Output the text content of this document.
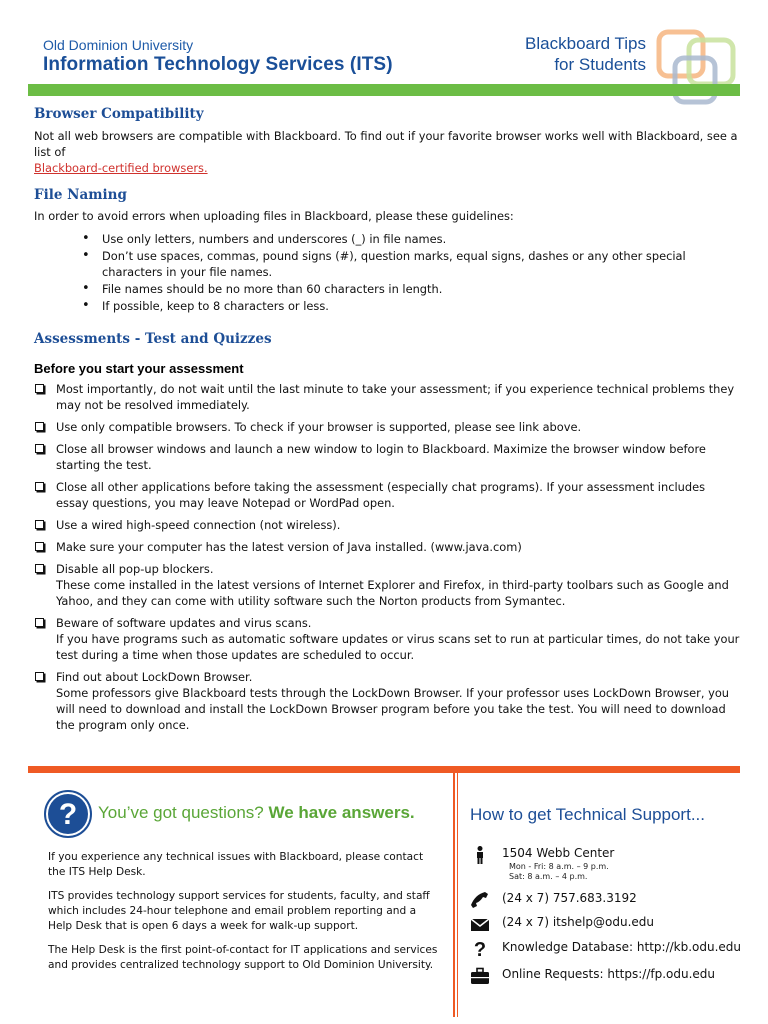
Old Dominion University
Information Technology Services (ITS)
Blackboard Tips
for Students
Browser Compatibility

Not all web browsers are compatible with Blackboard. To find out if your favorite browser works well with Blackboard, see a list of
Blackboard-certified browsers.

File Naming

In order to avoid errors when uploading files in Blackboard, please these guidelines:

• Use only letters, numbers and underscores (_) in file names.
• Don’t use spaces, commas, pound signs (#), question marks, equal signs, dashes or any other special characters in your file names.
• File names should be no more than 60 characters in length.
• If possible, keep to 8 characters or less.
Assessments - Test and Quizzes
Before you start your assessment
Most importantly, do not wait until the last minute to take your assessment; if you experience technical problems they may not be resolved immediately.
Use only compatible browsers. To check if your browser is supported, please see link above.
Close all browser windows and launch a new window to login to Blackboard. Maximize the browser window before starting the test.
Close all other applications before taking the assessment (especially chat programs). If your assessment includes essay questions, you may leave Notepad or WordPad open.
Use a wired high-speed connection (not wireless).
Make sure your computer has the latest version of Java installed. (www.java.com)
Disable all pop-up blockers.
These come installed in the latest versions of Internet Explorer and Firefox, in third-party toolbars such as Google and Yahoo, and they can come with utility software such the Norton products from Symantec.
Beware of software updates and virus scans.
If you have programs such as automatic software updates or virus scans set to run at particular times, do not take your test during a time when those updates are scheduled to occur.
Find out about LockDown Browser.
Some professors give Blackboard tests through the LockDown Browser. If your professor uses LockDown Browser, you will need to download and install the LockDown Browser program before you take the test. You will need to download the program only once.
? You’ve got questions? We have answers.

If you experience any technical issues with Blackboard, please contact the ITS Help Desk.

ITS provides technology support services for students, faculty, and staff which includes 24-hour telephone and email problem reporting and a Help Desk that is open 6 days a week for walk-up support.

The Help Desk is the first point-of-contact for IT applications and services and provides centralized technology support to Old Dominion University.

How to get Technical Support...
1504 Webb Center
Mon - Fri: 8 a.m. – 9 p.m.
Sat: 8 a.m. – 4 p.m.
(24 x 7) 757.683.3192
(24 x 7) itshelp@odu.edu
? Knowledge Database: http://kb.odu.edu
Online Requests: https://fp.odu.edu
